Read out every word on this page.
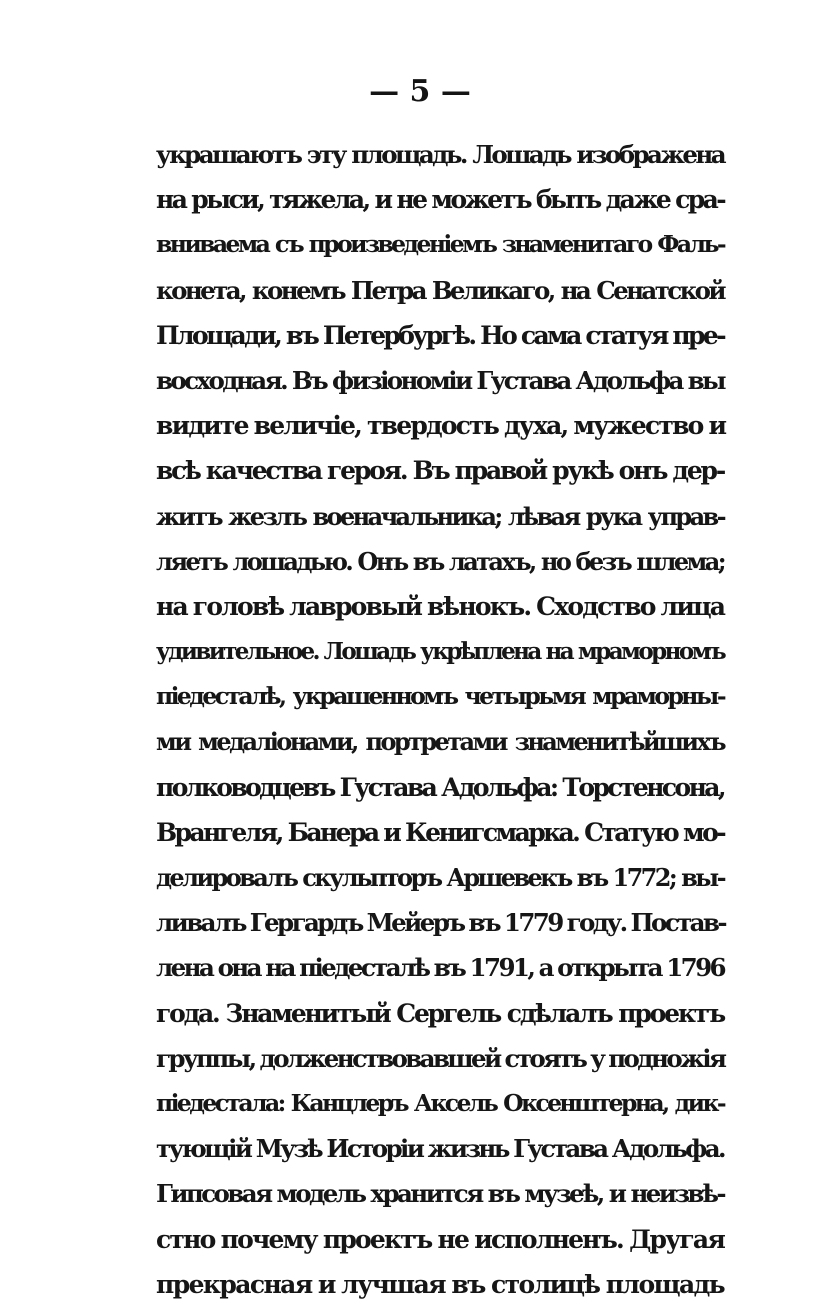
— 5 —
украшаютъ эту площадь. Лошадь изображена
на рыси, тяжела, и не можетъ быть даже сра-
вниваема съ произведеніемъ знаменитаго Фаль-
конета, конемъ Петра Великаго, на Сенатской
Площади, въ Петербургѣ. Но сама статуя пре-
восходная. Въ физіономіи Густава Адольфа вы
видите величіе, твердость духа, мужество и
всѣ качества героя. Въ правой рукѣ онъ дер-
житъ жезлъ военачальника; лѣвая рука управ-
ляетъ лошадью. Онъ въ латахъ, но безъ шлема;
на головѣ лавровый вѣнокъ. Сходство лица
удивительное. Лошадь укрѣплена на мраморномъ
піедесталѣ, украшенномъ четырьмя мраморны-
ми медаліонами, портретами знаменитѣйшихъ
полководцевъ Густава Адольфа: Торстенсона,
Врангеля, Банера и Кенигсмарка. Статую мо-
делировалъ скульпторъ Аршевекъ въ 1772; вы-
ливалъ Гергардъ Мейеръ въ 1779 году. Постав-
лена она на піедесталѣ въ 1791, а открыта 1796
года. Знаменитый Сергель сдѣлалъ проектъ
группы, долженствовавшей стоять у подножія
піедестала: Канцлеръ Аксель Оксенштерна, дик-
тующій Музѣ Исторіи жизнь Густава Адольфа.
Гипсовая модель хранится въ музеѣ, и неизвѣ-
стно почему проектъ не исполненъ. Другая
прекрасная и лучшая въ столицѣ площадь
